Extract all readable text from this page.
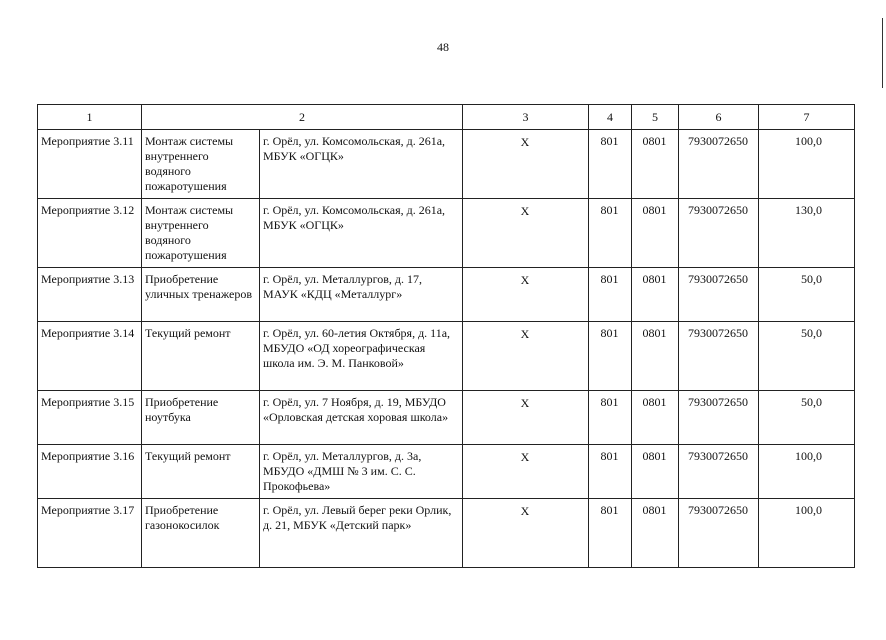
48
1	2		3	4	5	6	7
Мероприятие 3.11	Монтаж системы внутреннего водяного пожаротушения	г. Орёл, ул. Комсомольская, д. 261а, МБУК «ОГЦК»	Х	801	0801	7930072650	100,0
Мероприятие 3.12	Монтаж системы внутреннего водяного пожаротушения	г. Орёл, ул. Комсомольская, д. 261а, МБУК «ОГЦК»	Х	801	0801	7930072650	130,0
Мероприятие 3.13	Приобретение уличных тренажеров	г. Орёл, ул. Металлургов, д. 17, МАУК «КДЦ «Металлург»	Х	801	0801	7930072650	50,0
Мероприятие 3.14	Текущий ремонт	г. Орёл, ул. 60-летия Октября, д. 11а, МБУДО «ОД хореографическая школа им. Э. М. Панковой»	Х	801	0801	7930072650	50,0
Мероприятие 3.15	Приобретение ноутбука	г. Орёл, ул. 7 Ноября, д. 19, МБУДО «Орловская детская хоровая школа»	Х	801	0801	7930072650	50,0
Мероприятие 3.16	Текущий ремонт	г. Орёл, ул. Металлургов, д. 3а, МБУДО «ДМШ № 3 им. С. С. Прокофьева»	Х	801	0801	7930072650	100,0
Мероприятие 3.17	Приобретение газонокосилок	г. Орёл, ул. Левый берег реки Орлик, д. 21, МБУК «Детский парк»	Х	801	0801	7930072650	100,0
